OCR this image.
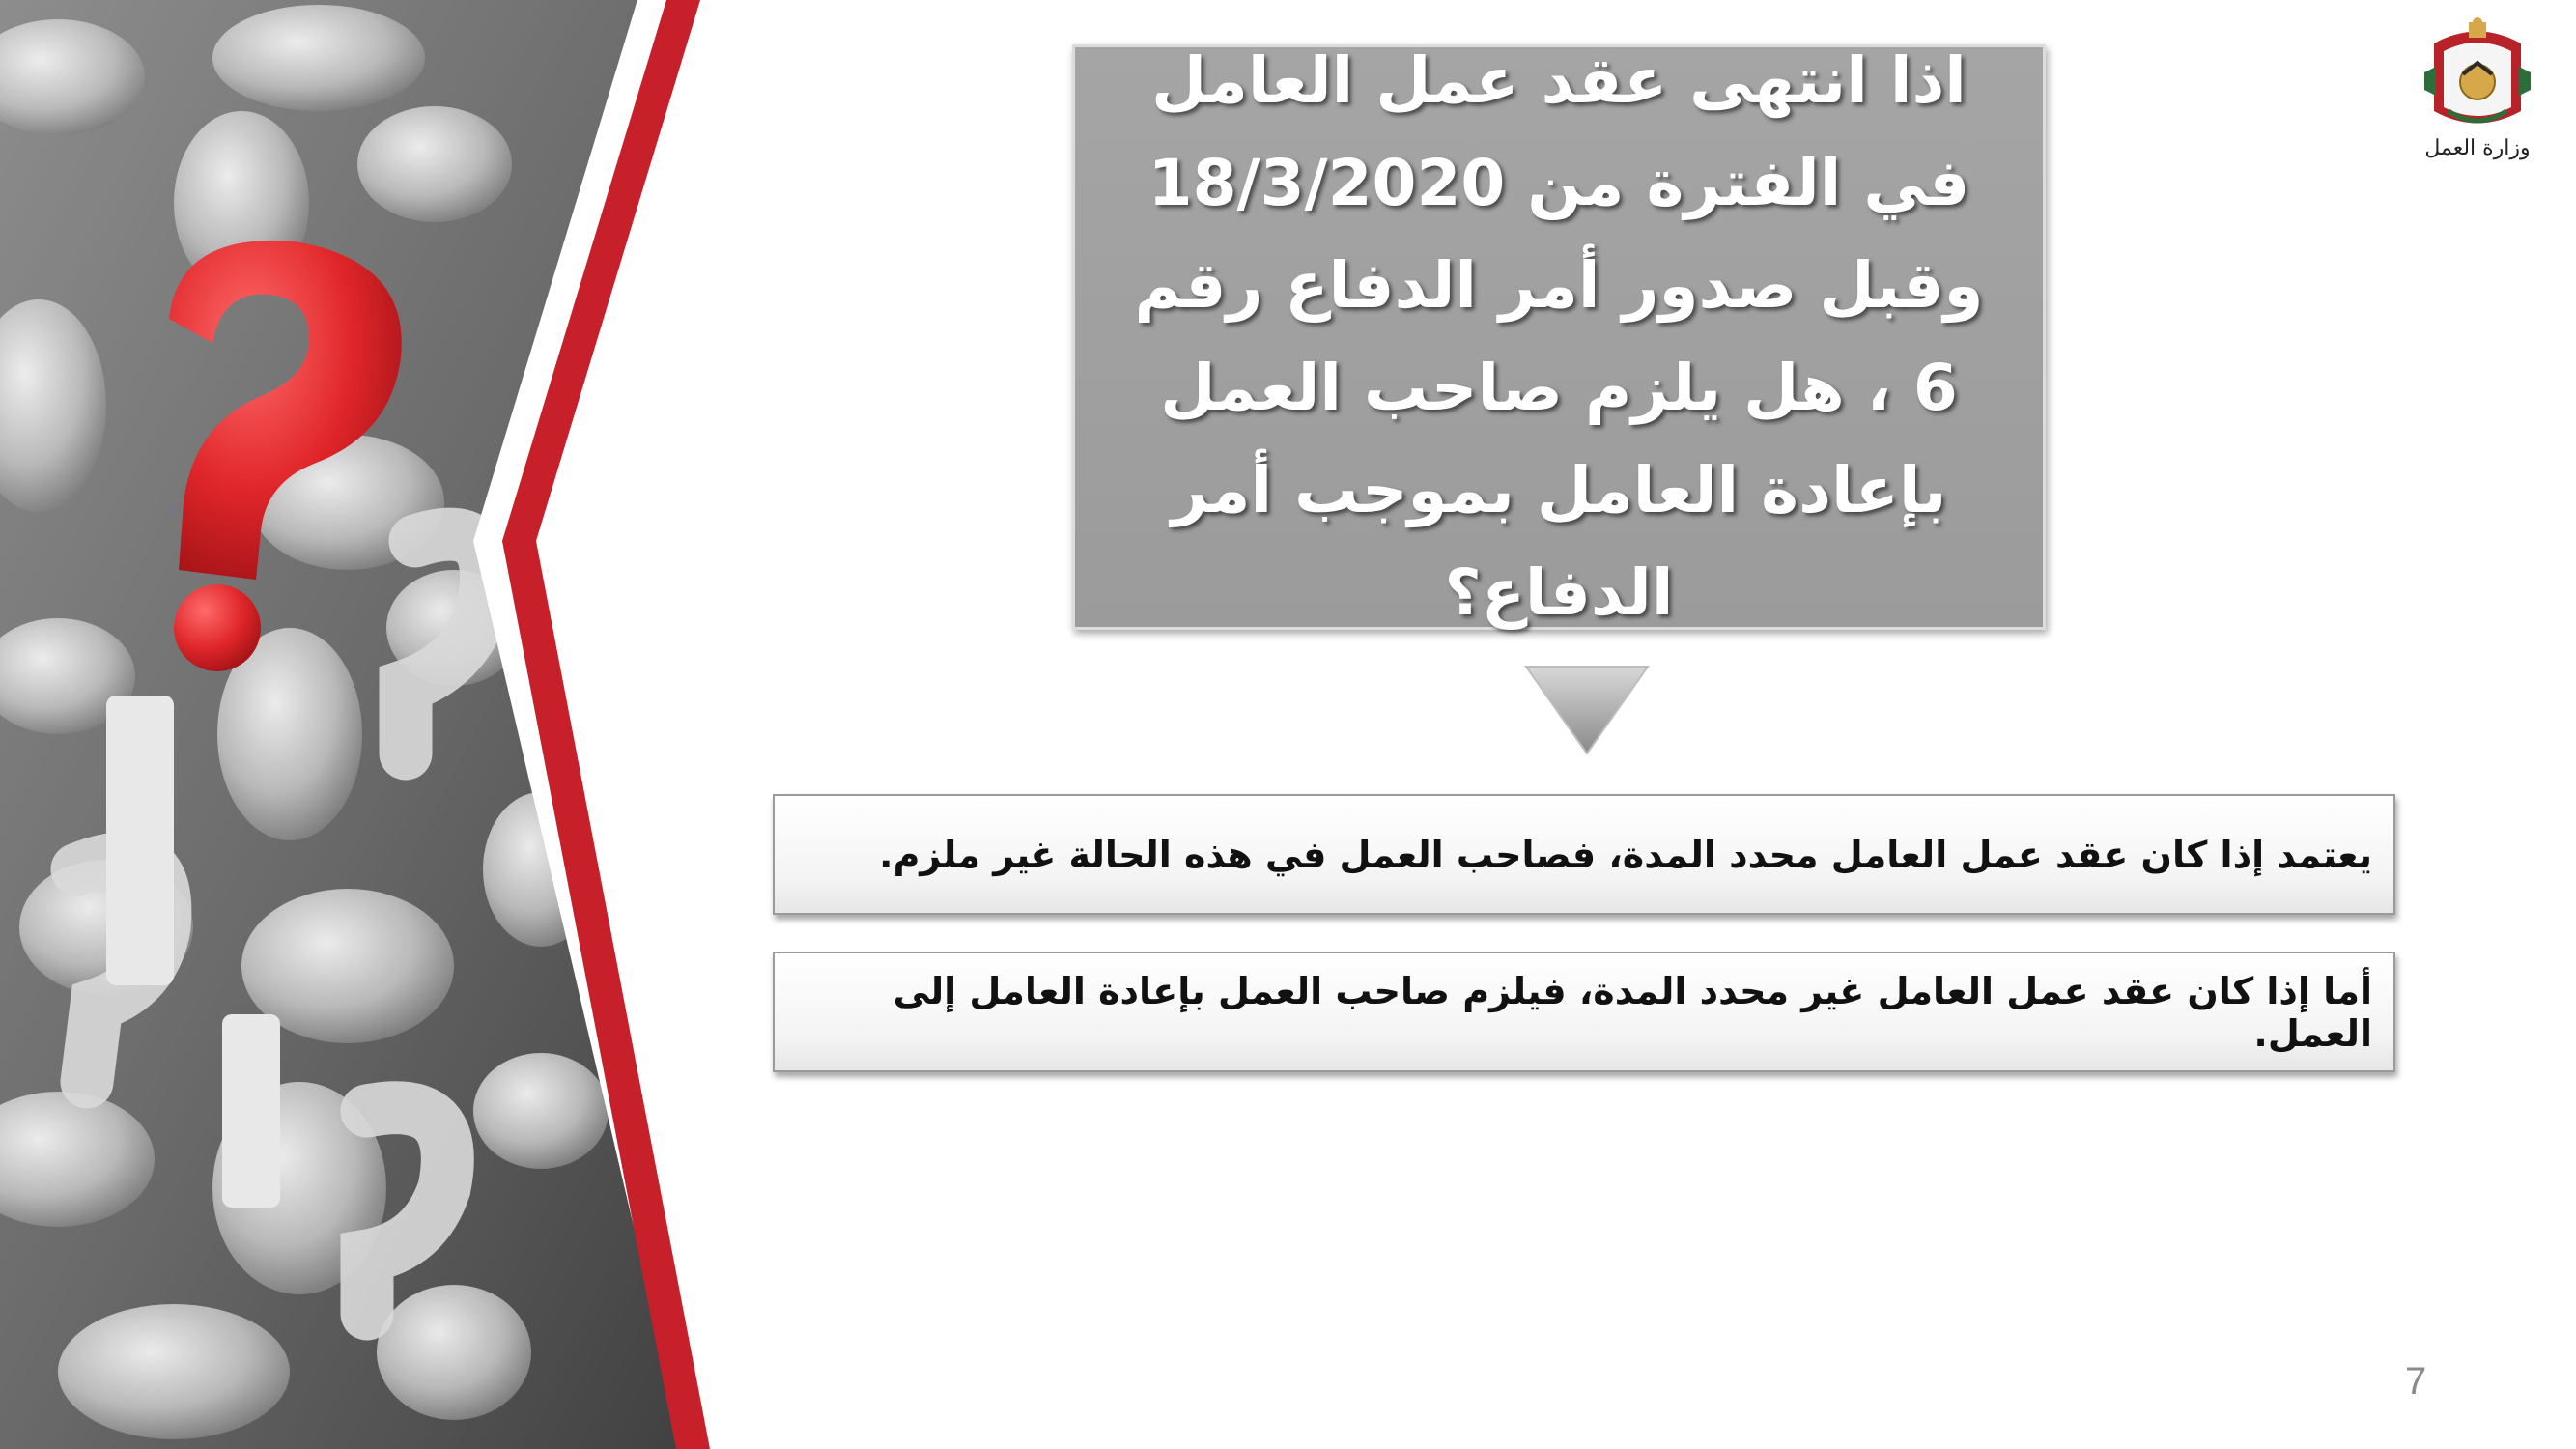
وزارة العمل
اذا انتهى عقد عمل العامل في الفترة من 18/3/2020 وقبل صدور أمر الدفاع رقم 6 ، هل يلزم صاحب العمل بإعادة العامل بموجب أمر الدفاع؟
يعتمد إذا كان عقد عمل العامل محدد المدة، فصاحب العمل في هذه الحالة غير ملزم.
أما إذا كان عقد عمل العامل غير محدد المدة، فيلزم صاحب العمل بإعادة العامل إلى العمل.
7
